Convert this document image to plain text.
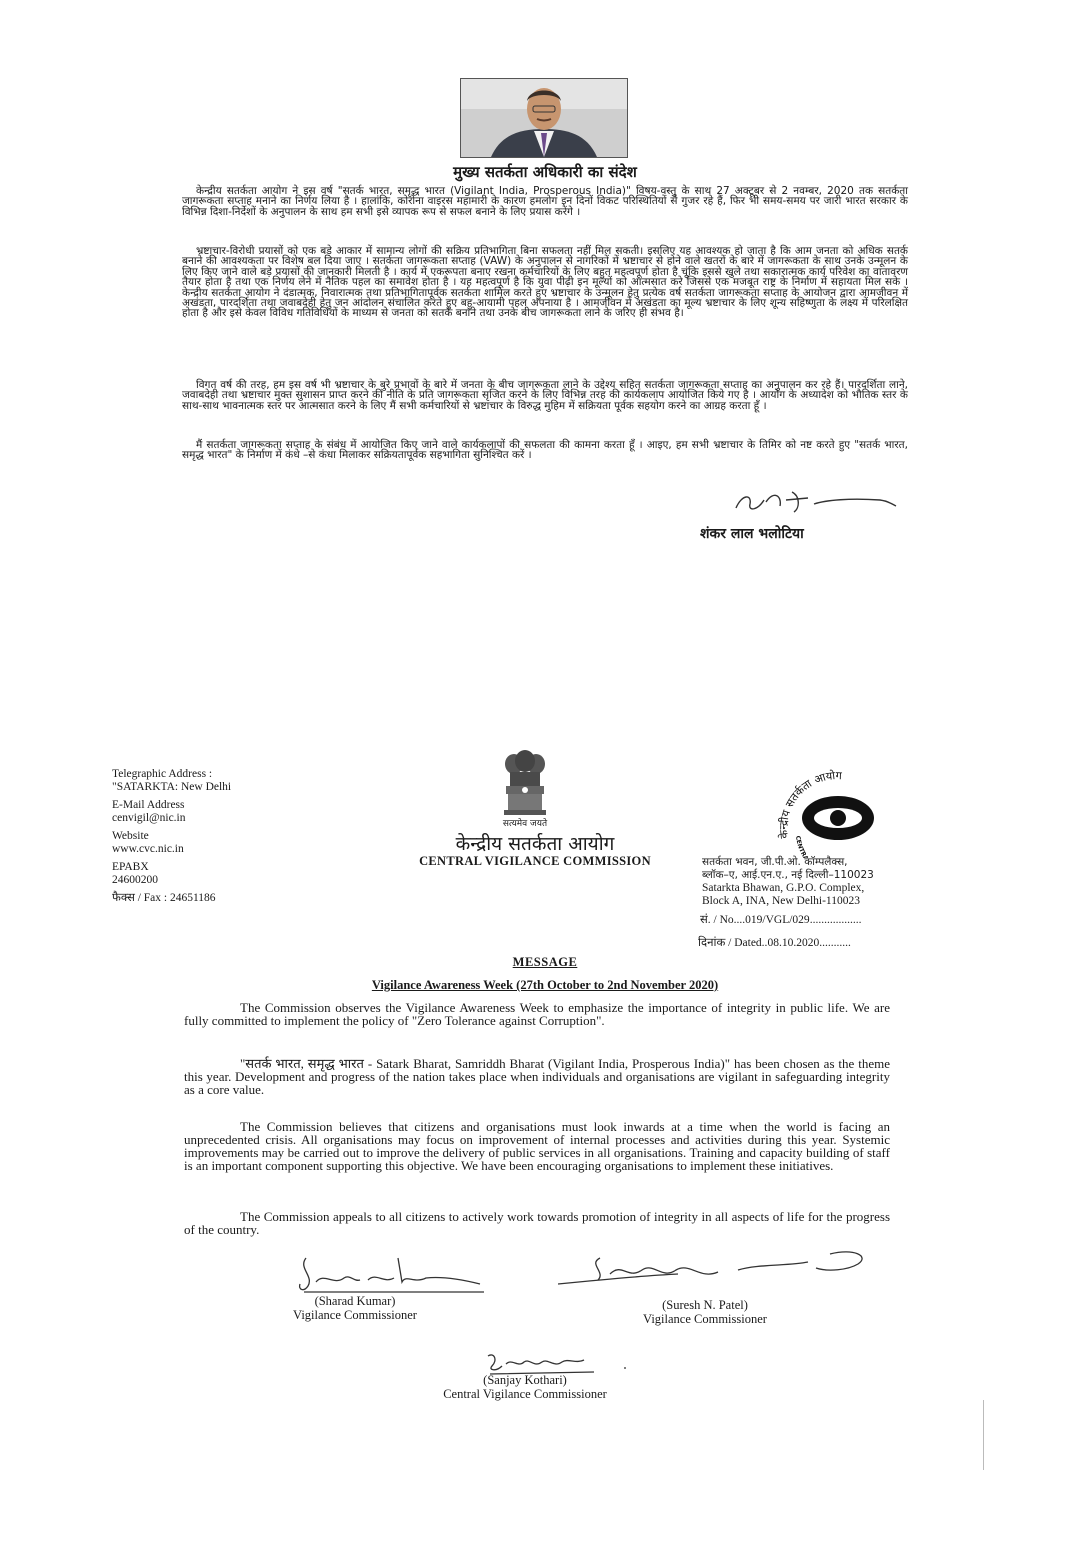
मुख्य सतर्कता अधिकारी का संदेश

केन्द्रीय सतर्कता आयोग ने इस वर्ष "सतर्क भारत, समृद्ध भारत (Vigilant India, Prosperous India)" विषय-वस्तु के साथ 27 अक्टूबर से 2 नवम्बर, 2020 तक सतर्कता जागरूकता सप्ताह मनाने का निर्णय लिया है । हालांकि, कोरोना वाइरस महामारी के कारण हमलोग इन दिनों विकट परिस्थितियों से गुजर रहे हैं, फिर भी समय-समय पर जारी भारत सरकार के विभिन्न दिशा-निर्देशों के अनुपालन के साथ हम सभी इसे व्यापक रूप से सफल बनाने के लिए प्रयास करेंगे ।

भ्रष्टाचार-विरोधी प्रयासों को एक बड़े आकार में सामान्य लोगों की सक्रिय प्रतिभागिता बिना सफलता नहीं मिल सकती। इसलिए यह आवश्यक हो जाता है कि आम जनता को अधिक सतर्क बनाने की आवश्यकता पर विशेष बल दिया जाए । सतर्कता जागरूकता सप्ताह (VAW) के अनुपालन से नागरिकों में भ्रष्टाचार से होने वाले खतरों के बारे में जागरूकता के साथ उनके उन्मूलन के लिए किए जाने वाले बड़े प्रयासों की जानकारी मिलती है । कार्य में एकरूपता बनाए रखना कर्मचारियों के लिए बहुत महत्वपूर्ण होता है चूंकि इससे खुले तथा सकारात्मक कार्य परिवेश का वातावरण तैयार होता है तथा एक निर्णय लेने में नैतिक पहल का समावेश होता है । यह महत्वपूर्ण है कि युवा पीढ़ी इन मूल्यों को आत्मसात करे जिससे एक मजबूत राष्ट्र के निर्माण में सहायता मिल सके । केन्द्रीय सतर्कता आयोग ने दंडात्मक, निवारात्मक तथा प्रतिभागितापूर्वक सतर्कता शामिल करते हुए भ्रष्टाचार के उन्मूलन हेतु प्रत्येक वर्ष सतर्कता जागरूकता सप्ताह के आयोजन द्वारा आमजीवन में अखंडता, पारदर्शिता तथा जवाबदेही हेतु जन आंदोलन संचालित करते हुए बहु-आयामी पहल अपनाया है । आमजीवन में अखंडता का मूल्य भ्रष्टाचार के लिए शून्य सहिष्णुता के लक्ष्य में परिलक्षित होता है और इसे केवल विविध गतिविधियों के माध्यम से जनता को सतर्क बनाने तथा उनके बीच जागरूकता लाने के जरिए ही संभव है।

विगत वर्ष की तरह, हम इस वर्ष भी भ्रष्टाचार के बुरे प्रभावों के बारे में जनता के बीच जागरूकता लाने के उद्देश्य सहित सतर्कता जागरूकता सप्ताह का अनुपालन कर रहे हैं। पारदर्शिता लाने, जवाबदेही तथा भ्रष्टाचार मुक्त सुशासन प्राप्त करने की नीति के प्रति जागरूकता सृजित करने के लिए विभिन्न तरह की कार्यकलाप आयोजित किये गए है । आयोग के अध्यादेश को भौतिक स्तर के साथ-साथ भावनात्मक स्तर पर आत्मसात करने के लिए मैं सभी कर्मचारियों से भ्रष्टाचार के विरुद्ध मुहिम में सक्रियता पूर्वक सहयोग करने का आग्रह करता हूँ ।

मैं सतर्कता जागरूकता सप्ताह के संबंध में आयोजित किए जाने वाले कार्यकलापों की सफलता की कामना करता हूँ । आइए, हम सभी भ्रष्टाचार के तिमिर को नष्ट करते हुए "सतर्क भारत, समृद्ध भारत" के निर्माण में कंधे –से कंधा मिलाकर सक्रियतापूर्वक सहभागिता सुनिश्चित करें ।

शंकर लाल भलोटिया
Telegraphic Address :
"SATARKTA: New Delhi
E-Mail Address
cenvigil@nic.in
Website
www.cvc.nic.in
EPABX
24600200
फैक्स / Fax : 24651186
सत्यमेव जयते
केन्द्रीय सतर्कता आयोग
CENTRAL VIGILANCE COMMISSION
केन्द्रीय सतर्कता आयोग
CENTR
सतर्कता भवन, जी.पी.ओ. कॉम्पलैक्स,
ब्लॉक–ए, आई.एन.ए., नई दिल्ली–110023
Satarkta Bhawan, G.P.O. Complex,
Block A, INA, New Delhi-110023
सं. / No....019/VGL/029..................
दिनांक / Dated..08.10.2020...........
MESSAGE
Vigilance Awareness Week (27th October to 2nd November 2020)

The Commission observes the Vigilance Awareness Week to emphasize the importance of integrity in public life. We are fully committed to implement the policy of "Zero Tolerance against Corruption".

"सतर्क भारत, समृद्ध भारत - Satark Bharat, Samriddh Bharat (Vigilant India, Prosperous India)" has been chosen as the theme this year. Development and progress of the nation takes place when individuals and organisations are vigilant in safeguarding integrity as a core value.

The Commission believes that citizens and organisations must look inwards at a time when the world is facing an unprecedented crisis. All organisations may focus on improvement of internal processes and activities during this year. Systemic improvements may be carried out to improve the delivery of public services in all organisations. Training and capacity building of staff is an important component supporting this objective. We have been encouraging organisations to implement these initiatives.

The Commission appeals to all citizens to actively work towards promotion of integrity in all aspects of life for the progress of the country.

(Sharad Kumar)
Vigilance Commissioner
(Suresh N. Patel)
Vigilance Commissioner
(Sanjay Kothari)
Central Vigilance Commissioner
